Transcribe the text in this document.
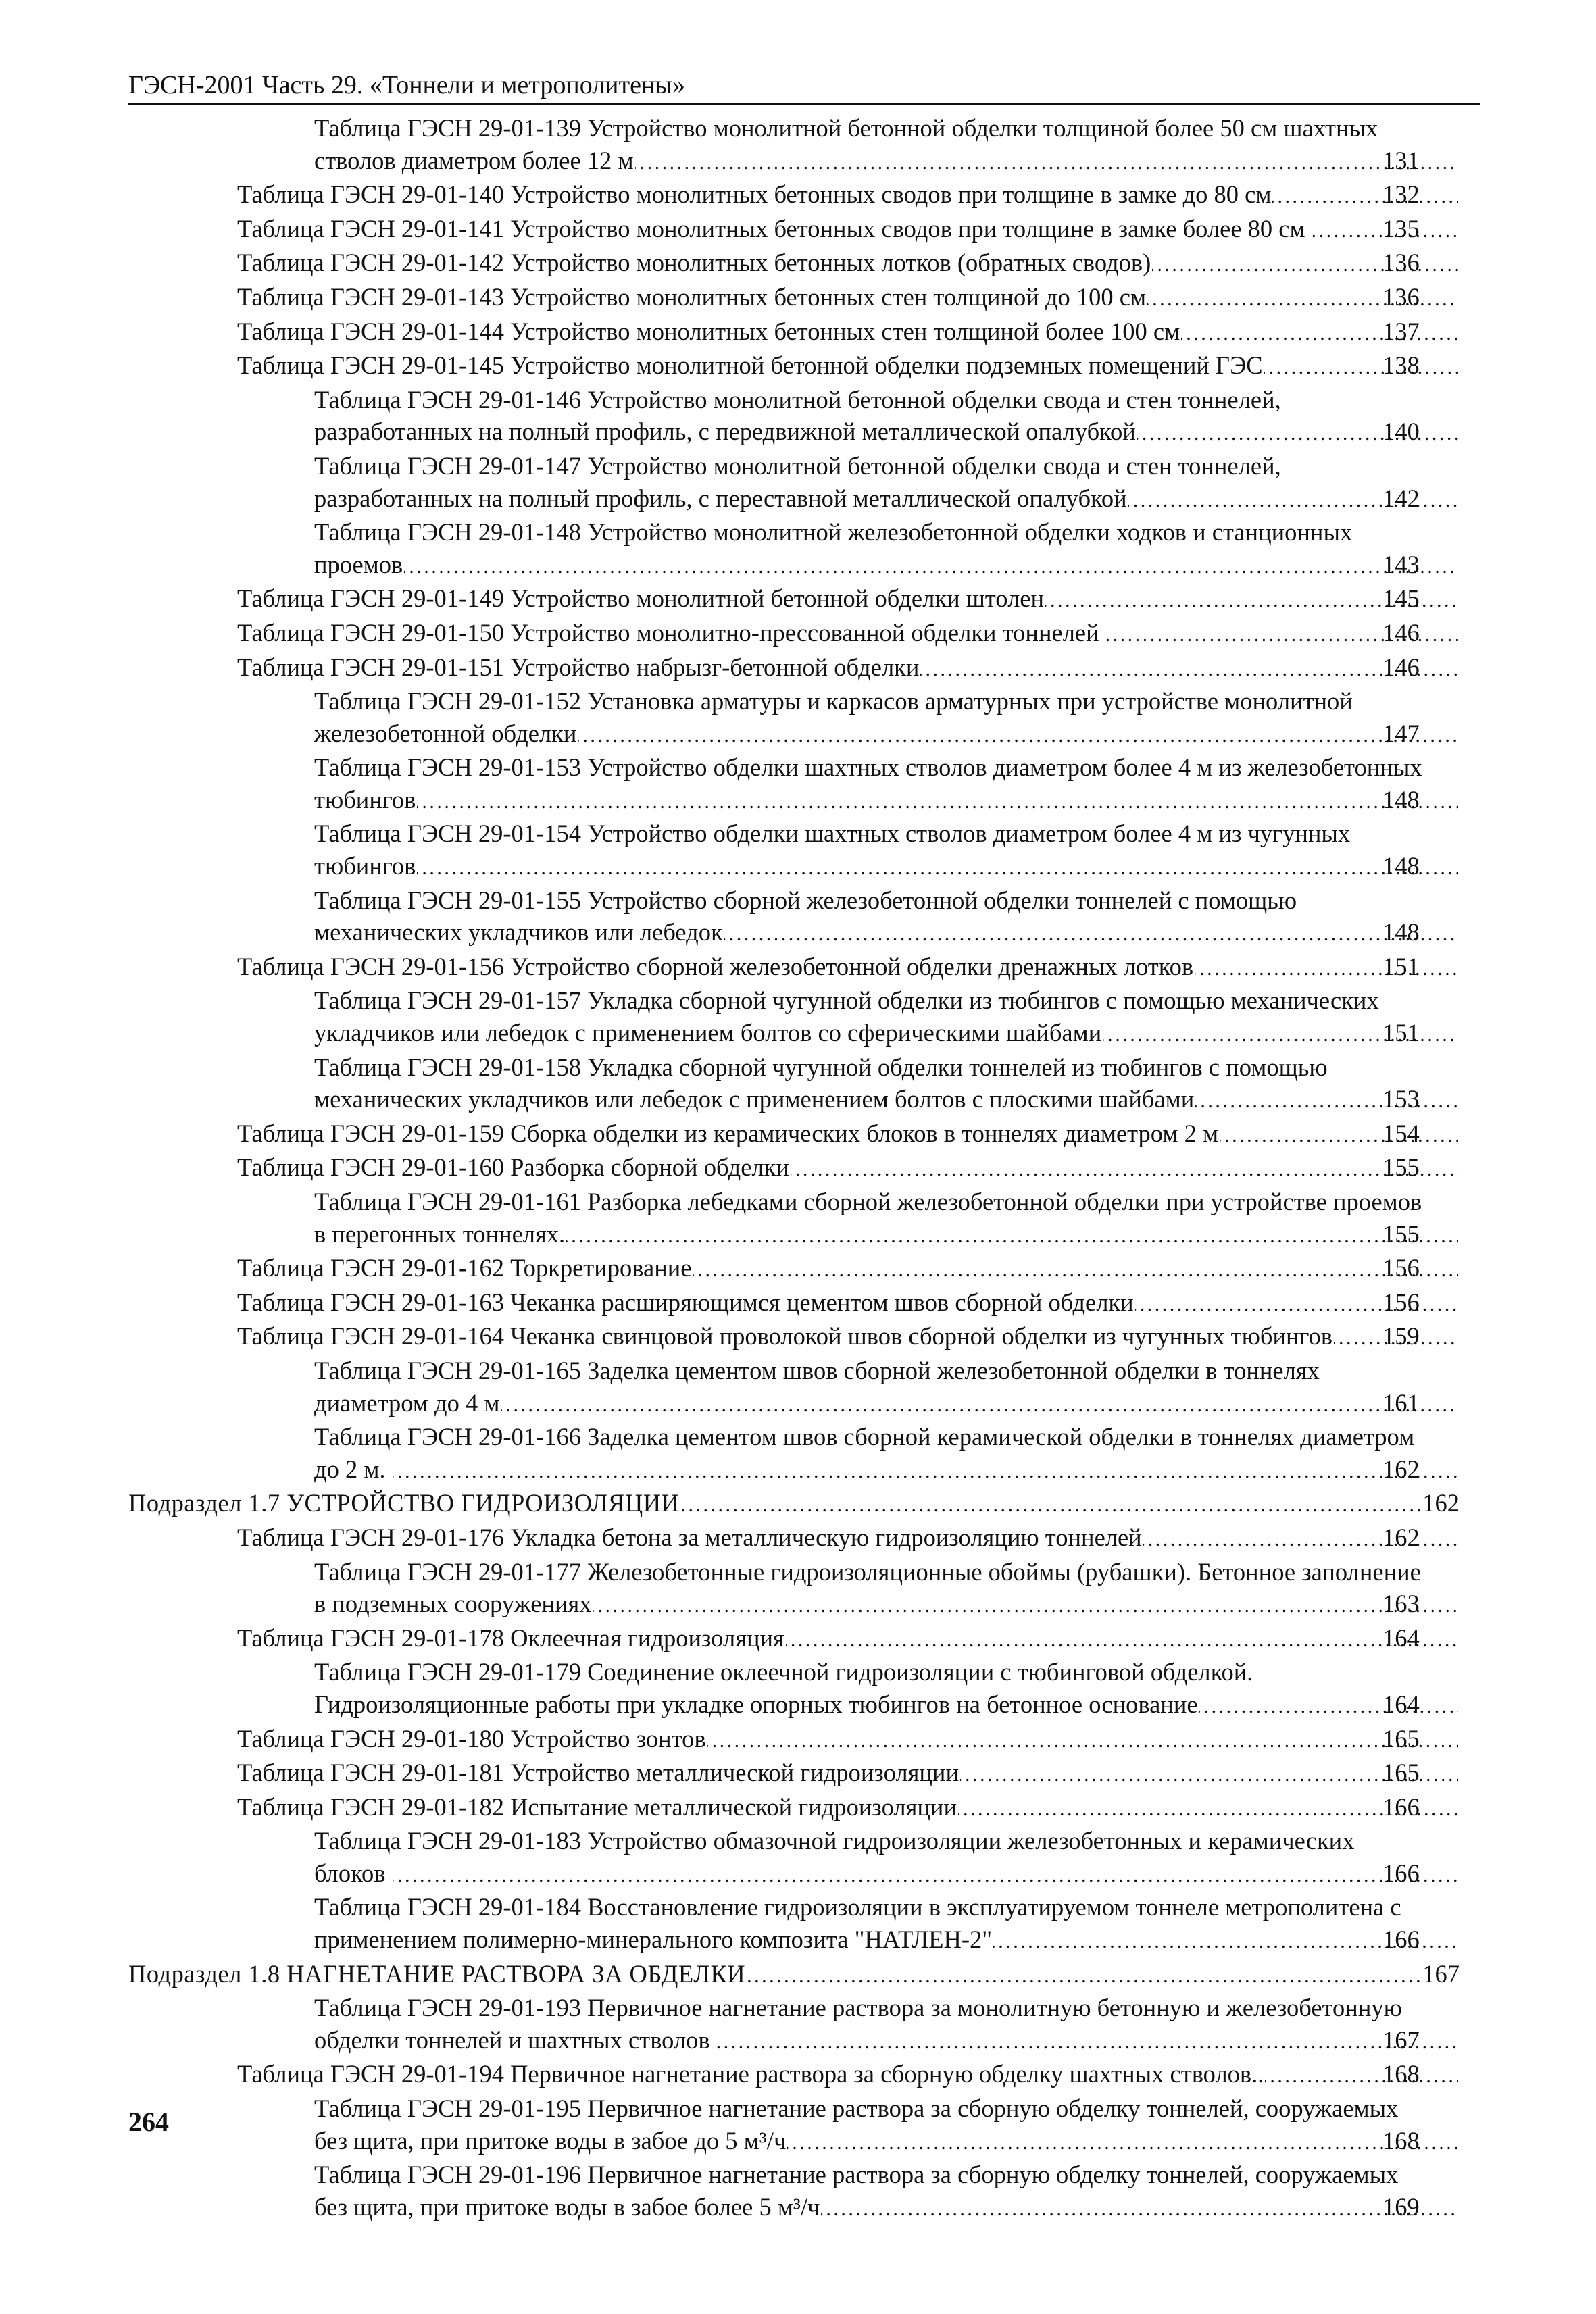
ГЭСН-2001 Часть 29. «Тоннели и метрополитены»
Таблица ГЭСН 29-01-139 Устройство монолитной бетонной обделки толщиной более 50 см шахтных
стволов диаметром более 12 м . . .	131
Таблица ГЭСН 29-01-140 Устройство монолитных бетонных сводов при толщине в замке до 80 см . . .	132
Таблица ГЭСН 29-01-141 Устройство монолитных бетонных сводов при толщине в замке более 80 см . . .	135
Таблица ГЭСН 29-01-142 Устройство монолитных бетонных лотков (обратных сводов) . . .	136
Таблица ГЭСН 29-01-143 Устройство монолитных бетонных стен толщиной до 100 см . . .	136
Таблица ГЭСН 29-01-144 Устройство монолитных бетонных стен толщиной более 100 см . . .	137
Таблица ГЭСН 29-01-145 Устройство монолитной бетонной обделки подземных помещений ГЭС . . .	138
Таблица ГЭСН 29-01-146 Устройство монолитной бетонной обделки свода и стен тоннелей,
разработанных на полный профиль, с передвижной металлической опалубкой . . .	140
Таблица ГЭСН 29-01-147 Устройство монолитной бетонной обделки свода и стен тоннелей,
разработанных на полный профиль, с переставной металлической опалубкой . . .	142
Таблица ГЭСН 29-01-148 Устройство монолитной железобетонной обделки ходков и станционных
проемов . . .	143
Таблица ГЭСН 29-01-149 Устройство монолитной бетонной обделки штолен . . .	145
Таблица ГЭСН 29-01-150 Устройство монолитно-прессованной обделки тоннелей . . .	146
Таблица ГЭСН 29-01-151 Устройство набрызг-бетонной обделки . . .	146
Таблица ГЭСН 29-01-152 Установка арматуры и каркасов арматурных при устройстве монолитной
железобетонной обделки . . .	147
Таблица ГЭСН 29-01-153 Устройство обделки шахтных стволов диаметром более 4 м из железобетонных
тюбингов . . .	148
Таблица ГЭСН 29-01-154 Устройство обделки шахтных стволов диаметром более 4 м из чугунных
тюбингов . . .	148
Таблица ГЭСН 29-01-155 Устройство сборной железобетонной обделки тоннелей с помощью
механических укладчиков или лебедок . . .	148
Таблица ГЭСН 29-01-156 Устройство сборной железобетонной обделки дренажных лотков . . .	151
Таблица ГЭСН 29-01-157 Укладка сборной чугунной обделки из тюбингов с помощью механических
укладчиков или лебедок с применением болтов со сферическими шайбами . . .	151
Таблица ГЭСН 29-01-158 Укладка сборной чугунной обделки тоннелей из тюбингов с помощью
механических укладчиков или лебедок с применением болтов с плоскими шайбами . . .	153
Таблица ГЭСН 29-01-159 Сборка обделки из керамических блоков в тоннелях диаметром 2 м . . .	154
Таблица ГЭСН 29-01-160 Разборка сборной обделки . . .	155
Таблица ГЭСН 29-01-161 Разборка лебедками сборной железобетонной обделки при устройстве проемов
в перегонных тоннелях. . . .	155
Таблица ГЭСН 29-01-162 Торкретирование . . .	156
Таблица ГЭСН 29-01-163 Чеканка расширяющимся цементом швов сборной обделки . . .	156
Таблица ГЭСН 29-01-164 Чеканка свинцовой проволокой швов сборной обделки из чугунных тюбингов . . . 159
Таблица ГЭСН 29-01-165 Заделка цементом швов сборной железобетонной обделки в тоннелях
диаметром до 4 м . . .	161
Таблица ГЭСН 29-01-166 Заделка цементом швов сборной керамической обделки в тоннелях диаметром
до 2 м. . . .	162
Подраздел 1.7 УСТРОЙСТВО ГИДРОИЗОЛЯЦИИ . . .	162
Таблица ГЭСН 29-01-176 Укладка бетона за металлическую гидроизоляцию тоннелей . . .	162
Таблица ГЭСН 29-01-177 Железобетонные гидроизоляционные обоймы (рубашки). Бетонное заполнение
в подземных сооружениях . . .	163
Таблица ГЭСН 29-01-178 Оклеечная гидроизоляция . . .	164
Таблица ГЭСН 29-01-179 Соединение оклеечной гидроизоляции с тюбинговой обделкой.
Гидроизоляционные работы при укладке опорных тюбингов на бетонное основание . . .	164
Таблица ГЭСН 29-01-180 Устройство зонтов . . .	165
Таблица ГЭСН 29-01-181 Устройство металлической гидроизоляции . . .	165
Таблица ГЭСН 29-01-182 Испытание металлической гидроизоляции . . .	166
Таблица ГЭСН 29-01-183 Устройство обмазочной гидроизоляции железобетонных и керамических
блоков . . .	166
Таблица ГЭСН 29-01-184 Восстановление гидроизоляции в эксплуатируемом тоннеле метрополитена с
применением полимерно-минерального композита "НАТЛЕН-2" . . .	166
Подраздел 1.8 НАГНЕТАНИЕ РАСТВОРА ЗА ОБДЕЛКИ . . .	167
Таблица ГЭСН 29-01-193 Первичное нагнетание раствора за монолитную бетонную и железобетонную
обделки тоннелей и шахтных стволов . . .	167
Таблица ГЭСН 29-01-194 Первичное нагнетание раствора за сборную обделку шахтных стволов.. . . .	168
Таблица ГЭСН 29-01-195 Первичное нагнетание раствора за сборную обделку тоннелей, сооружаемых
без щита, при притоке воды в забое до 5 м³/ч . . .	168
Таблица ГЭСН 29-01-196 Первичное нагнетание раствора за сборную обделку тоннелей, сооружаемых
без щита, при притоке воды в забое более 5 м³/ч . . .	169
264
